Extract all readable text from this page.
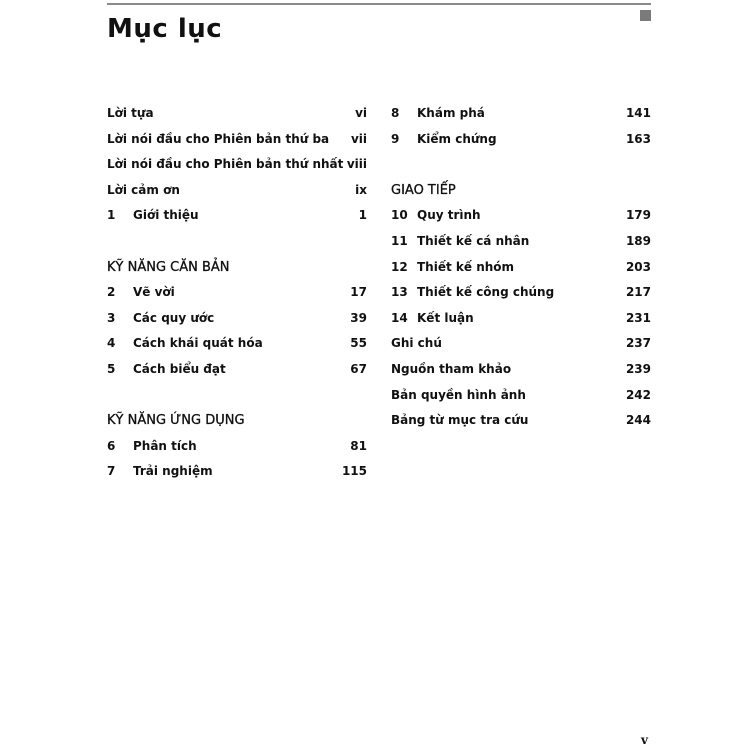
Mục lục
Lời tựa	vi
Lời nói đầu cho Phiên bản thứ ba vii
Lời nói đầu cho Phiên bản thứ nhất viii
Lời cảm ơn	ix
1 Giới thiệu	1
KỸ NĂNG CĂN BẢN
2 Vẽ vời	17
3 Các quy ước	39
4 Cách khái quát hóa	55
5 Cách biểu đạt	67
KỸ NĂNG ỨNG DỤNG
6 Phân tích	81
7 Trải nghiệm	115
8 Khám phá	141
9 Kiểm chứng	163
GIAO TIẾP
10 Quy trình	179
11 Thiết kế cá nhân	189
12 Thiết kế nhóm	203
13 Thiết kế công chúng	217
14 Kết luận	231
Ghi chú	237
Nguồn tham khảo	239
Bản quyền hình ảnh	242
Bảng từ mục tra cứu	244
v
